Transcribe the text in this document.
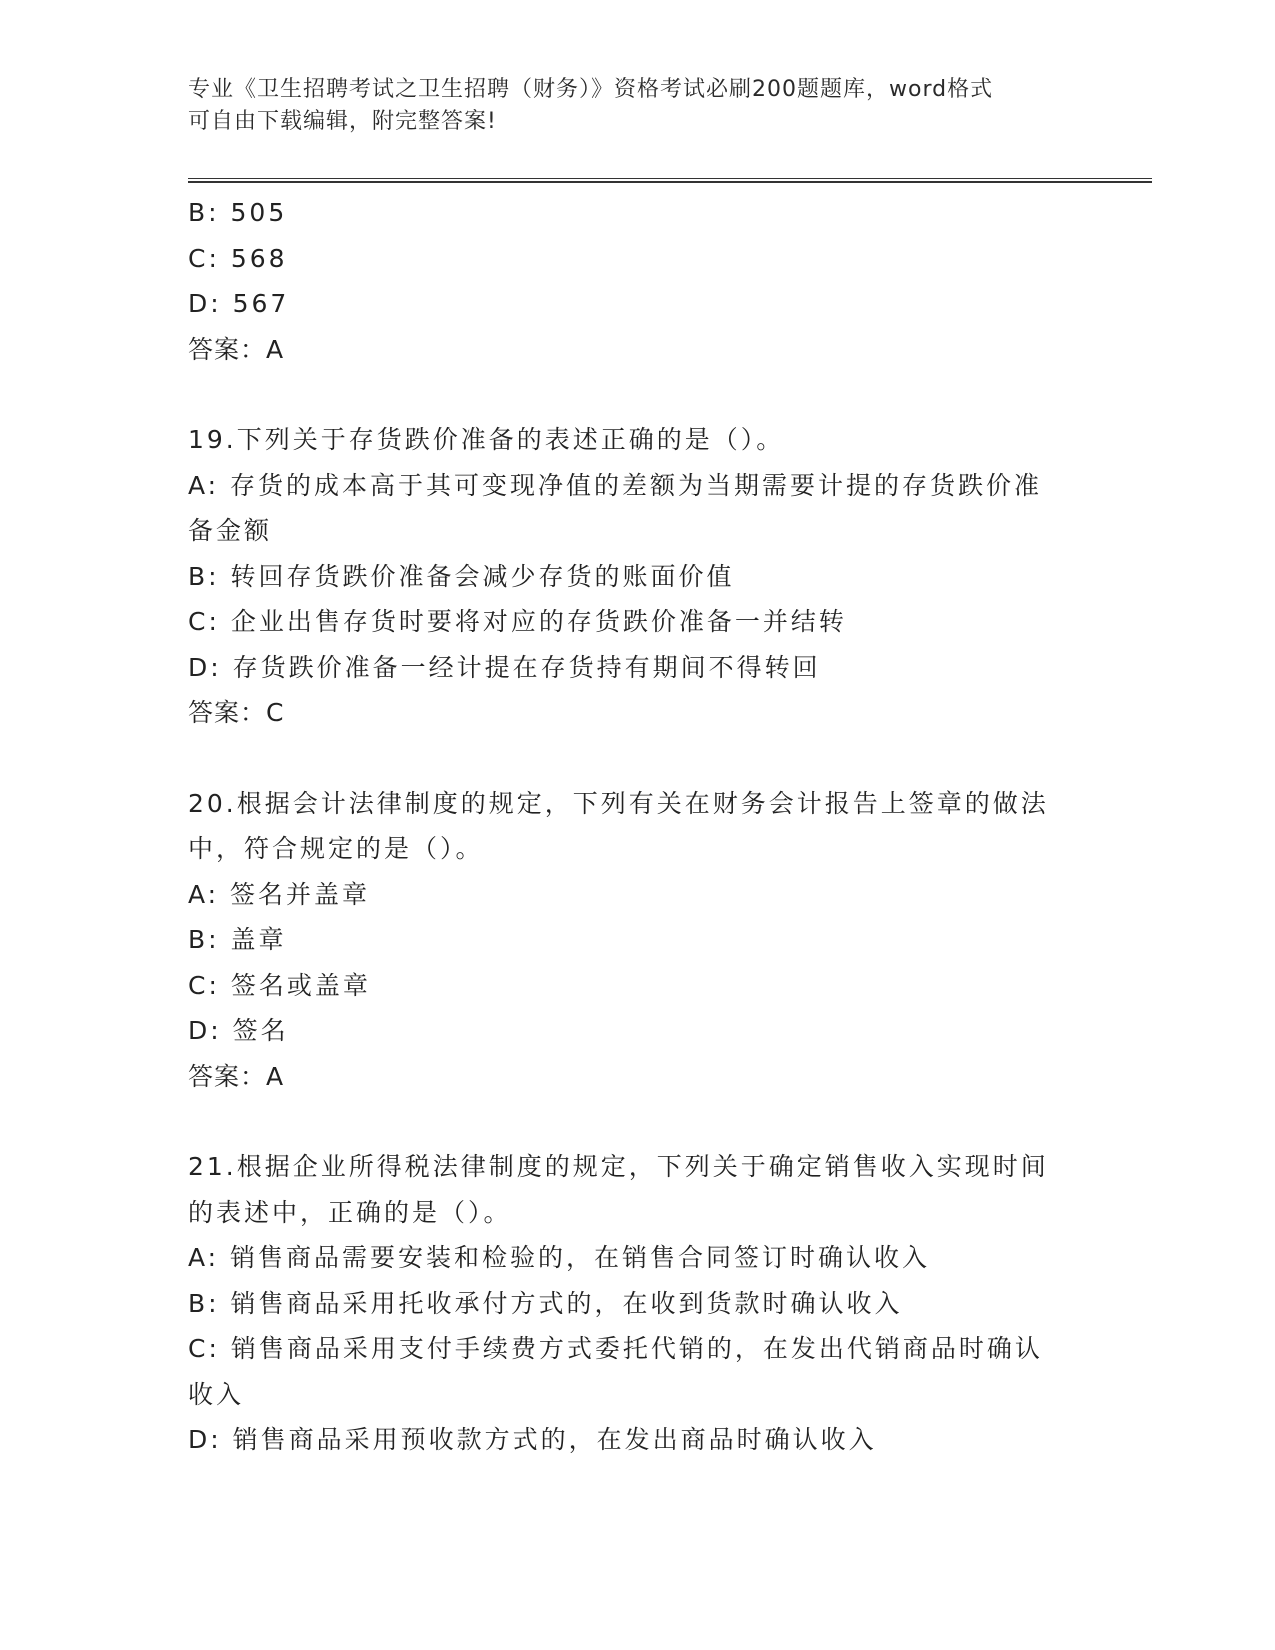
专业《卫生招聘考试之卫生招聘（财务）》资格考试必刷200题题库，word格式
可自由下载编辑，附完整答案!

B: 505

C: 568

D: 567

答案：A

19.下列关于存货跌价准备的表述正确的是（）。

A: 存货的成本高于其可变现净值的差额为当期需要计提的存货跌价准备金额

B: 转回存货跌价准备会减少存货的账面价值

C: 企业出售存货时要将对应的存货跌价准备一并结转

D: 存货跌价准备一经计提在存货持有期间不得转回

答案：C

20.根据会计法律制度的规定，下列有关在财务会计报告上签章的做法中，符合规定的是（）。

A: 签名并盖章

B: 盖章

C: 签名或盖章

D: 签名

答案：A

21.根据企业所得税法律制度的规定，下列关于确定销售收入实现时间的表述中，正确的是（）。

A: 销售商品需要安装和检验的，在销售合同签订时确认收入

B: 销售商品采用托收承付方式的，在收到货款时确认收入

C: 销售商品采用支付手续费方式委托代销的，在发出代销商品时确认收入

D: 销售商品采用预收款方式的，在发出商品时确认收入
